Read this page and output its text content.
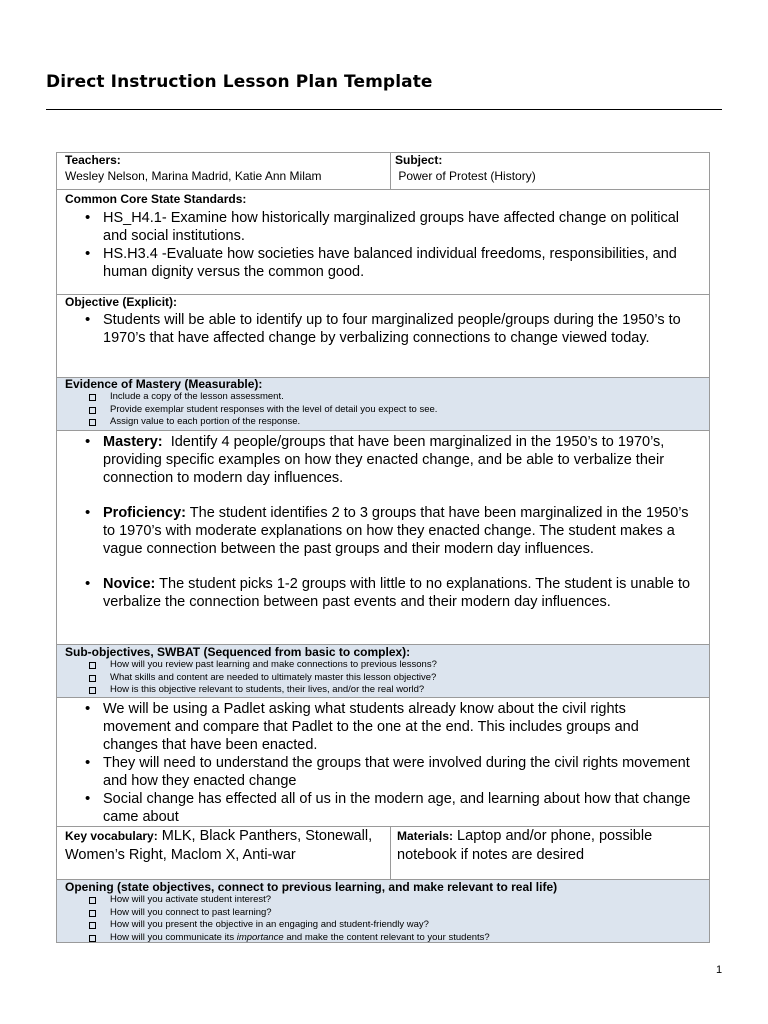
Direct Instruction Lesson Plan Template
Teachers:
Wesley Nelson, Marina Madrid, Katie Ann Milam
Subject:
Power of Protest (History)
Common Core State Standards:
• HS_H4.1- Examine how historically marginalized groups have affected change on political and social institutions.
• HS.H3.4 -Evaluate how societies have balanced individual freedoms, responsibilities, and human dignity versus the common good.
Objective (Explicit):
• Students will be able to identify up to four marginalized people/groups during the 1950’s to 1970’s that have affected change by verbalizing connections to change viewed today.
Evidence of Mastery (Measurable):
Include a copy of the lesson assessment.
Provide exemplar student responses with the level of detail you expect to see.
Assign value to each portion of the response.
• Mastery:  Identify 4 people/groups that have been marginalized in the 1950’s to 1970’s, providing specific examples on how they enacted change, and be able to verbalize their connection to modern day influences.
• Proficiency: The student identifies 2 to 3 groups that have been marginalized in the 1950’s to 1970’s with moderate explanations on how they enacted change. The student makes a vague connection between the past groups and their modern day influences.
• Novice: The student picks 1-2 groups with little to no explanations. The student is unable to verbalize the connection between past events and their modern day influences.
Sub-objectives, SWBAT (Sequenced from basic to complex):
How will you review past learning and make connections to previous lessons?
What skills and content are needed to ultimately master this lesson objective?
How is this objective relevant to students, their lives, and/or the real world?
• We will be using a Padlet asking what students already know about the civil rights movement and compare that Padlet to the one at the end. This includes groups and changes that have been enacted.
• They will need to understand the groups that were involved during the civil rights movement and how they enacted change
• Social change has effected all of us in the modern age, and learning about how that change came about
Key vocabulary: MLK, Black Panthers, Stonewall, Women’s Right, Maclom X, Anti-war
Materials: Laptop and/or phone, possible notebook if notes are desired
Opening (state objectives, connect to previous learning, and make relevant to real life)
How will you activate student interest?
How will you connect to past learning?
How will you present the objective in an engaging and student-friendly way?
How will you communicate its importance and make the content relevant to your students?
1
